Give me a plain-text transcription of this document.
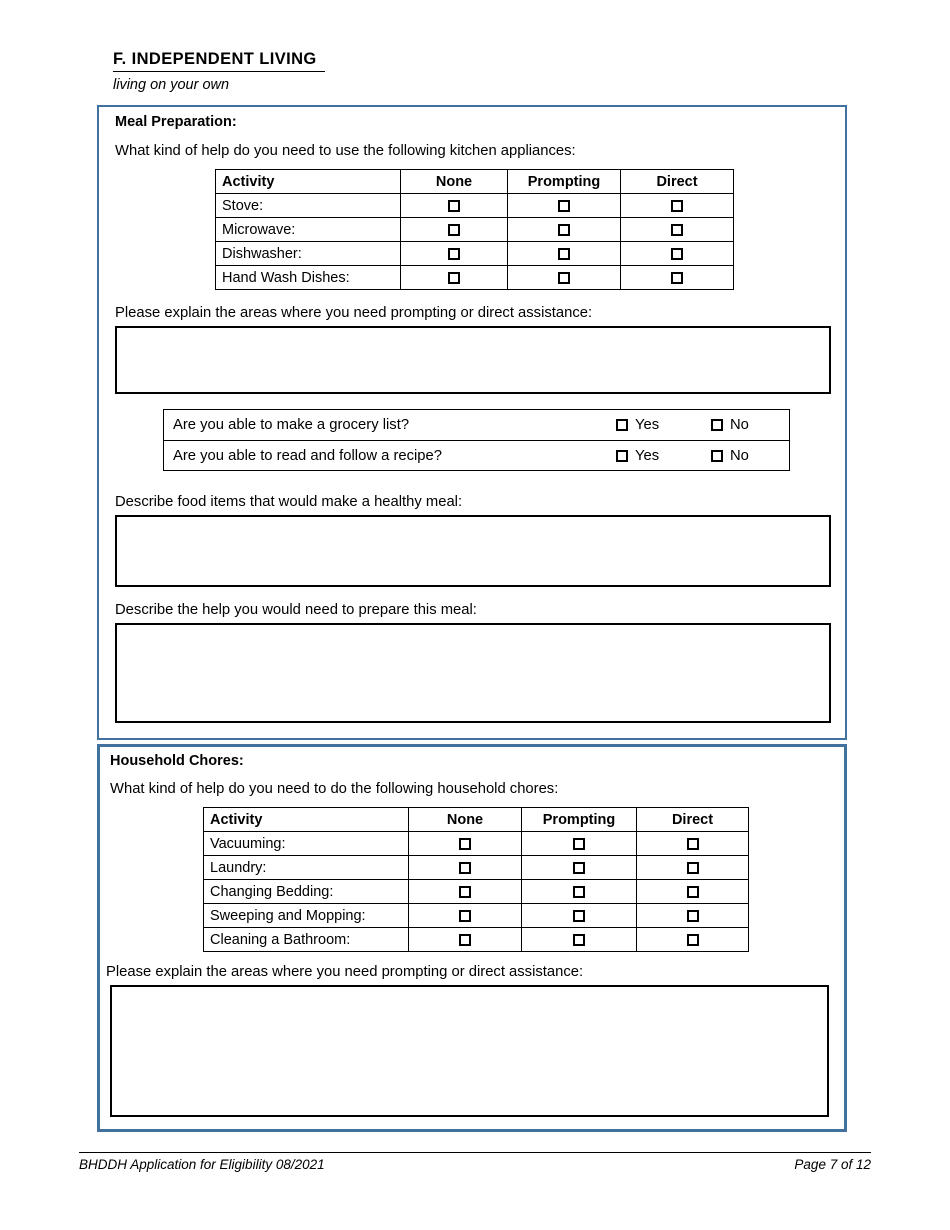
F. INDEPENDENT LIVING
living on your own
Meal Preparation:
What kind of help do you need to use the following kitchen appliances:
Activity	None	Prompting	Direct
Stove:			
Microwave:			
Dishwasher:			
Hand Wash Dishes:			
Please explain the areas where you need prompting or direct assistance:
Are you able to make a grocery list?	Yes	No
Are you able to read and follow a recipe?	Yes	No
Describe food items that would make a healthy meal:
Describe the help you would need to prepare this meal:
Household Chores:
What kind of help do you need to do the following household chores:
Activity	None	Prompting	Direct
Vacuuming:			
Laundry:			
Changing Bedding:			
Sweeping and Mopping:			
Cleaning a Bathroom:			
Please explain the areas where you need prompting or direct assistance:
BHDDH Application for Eligibility 08/2021	Page 7 of 12
